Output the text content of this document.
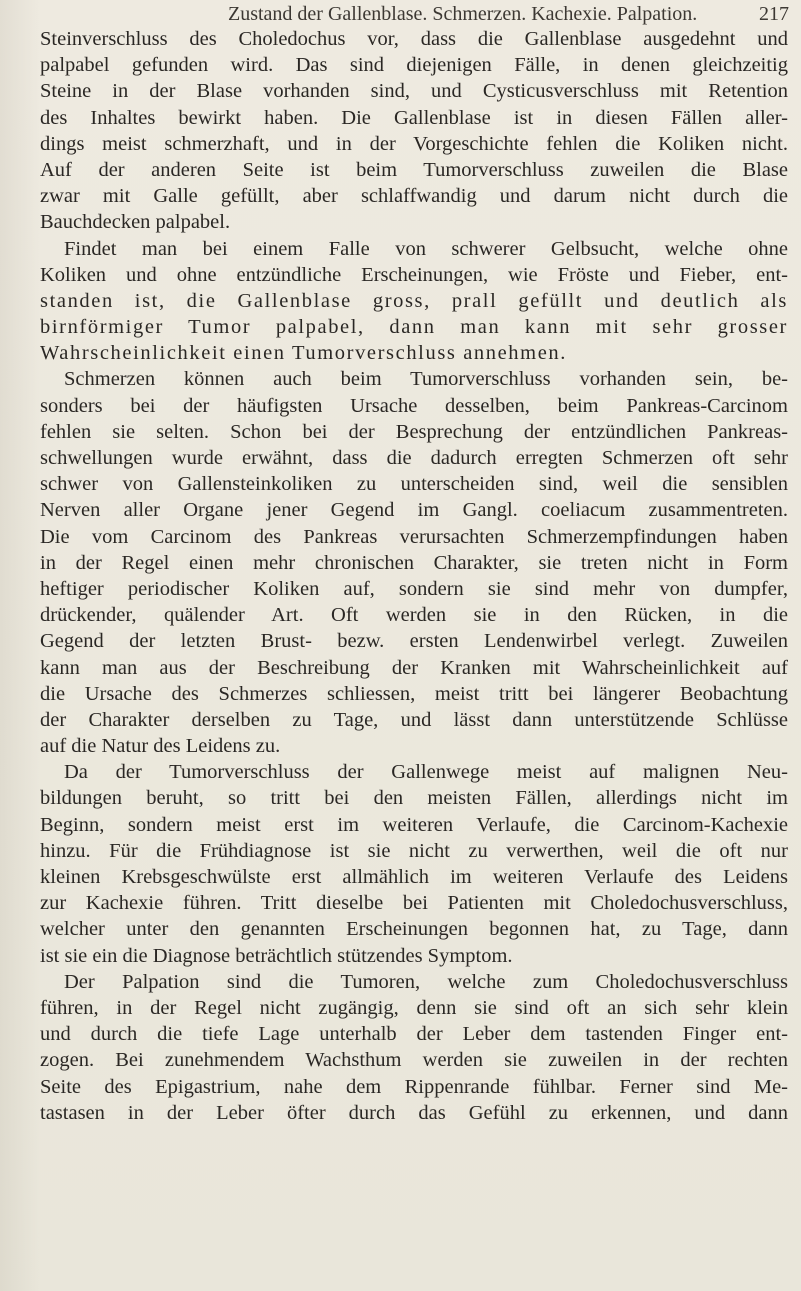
Zustand der Gallenblase. Schmerzen. Kachexie. Palpation.	217
Steinverschluss des Choledochus vor, dass die Gallenblase ausgedehnt und
palpabel gefunden wird. Das sind diejenigen Fälle, in denen gleichzeitig
Steine in der Blase vorhanden sind, und Cysticusverschluss mit Retention
des Inhaltes bewirkt haben. Die Gallenblase ist in diesen Fällen aller-
dings meist schmerzhaft, und in der Vorgeschichte fehlen die Koliken nicht.
Auf der anderen Seite ist beim Tumorverschluss zuweilen die Blase
zwar mit Galle gefüllt, aber schlaffwandig und darum nicht durch die
Bauchdecken palpabel.
Findet man bei einem Falle von schwerer Gelbsucht, welche ohne
Koliken und ohne entzündliche Erscheinungen, wie Fröste und Fieber, ent-
standen ist, die Gallenblase gross, prall gefüllt und deutlich als
birnförmiger Tumor palpabel, dann man kann mit sehr grosser
Wahrscheinlichkeit einen Tumorverschluss annehmen.
Schmerzen können auch beim Tumorverschluss vorhanden sein, be-
sonders bei der häufigsten Ursache desselben, beim Pankreas-Carcinom
fehlen sie selten. Schon bei der Besprechung der entzündlichen Pankreas-
schwellungen wurde erwähnt, dass die dadurch erregten Schmerzen oft sehr
schwer von Gallensteinkoliken zu unterscheiden sind, weil die sensiblen
Nerven aller Organe jener Gegend im Gangl. coeliacum zusammentreten.
Die vom Carcinom des Pankreas verursachten Schmerzempfindungen haben
in der Regel einen mehr chronischen Charakter, sie treten nicht in Form
heftiger periodischer Koliken auf, sondern sie sind mehr von dumpfer,
drückender, quälender Art. Oft werden sie in den Rücken, in die
Gegend der letzten Brust- bezw. ersten Lendenwirbel verlegt. Zuweilen
kann man aus der Beschreibung der Kranken mit Wahrscheinlichkeit auf
die Ursache des Schmerzes schliessen, meist tritt bei längerer Beobachtung
der Charakter derselben zu Tage, und lässt dann unterstützende Schlüsse
auf die Natur des Leidens zu.
Da der Tumorverschluss der Gallenwege meist auf malignen Neu-
bildungen beruht, so tritt bei den meisten Fällen, allerdings nicht im
Beginn, sondern meist erst im weiteren Verlaufe, die Carcinom-Kachexie
hinzu. Für die Frühdiagnose ist sie nicht zu verwerthen, weil die oft nur
kleinen Krebsgeschwülste erst allmählich im weiteren Verlaufe des Leidens
zur Kachexie führen. Tritt dieselbe bei Patienten mit Choledochusverschluss,
welcher unter den genannten Erscheinungen begonnen hat, zu Tage, dann
ist sie ein die Diagnose beträchtlich stützendes Symptom.
Der Palpation sind die Tumoren, welche zum Choledochusverschluss
führen, in der Regel nicht zugängig, denn sie sind oft an sich sehr klein
und durch die tiefe Lage unterhalb der Leber dem tastenden Finger ent-
zogen. Bei zunehmendem Wachsthum werden sie zuweilen in der rechten
Seite des Epigastrium, nahe dem Rippenrande fühlbar. Ferner sind Me-
tastasen in der Leber öfter durch das Gefühl zu erkennen, und dann
